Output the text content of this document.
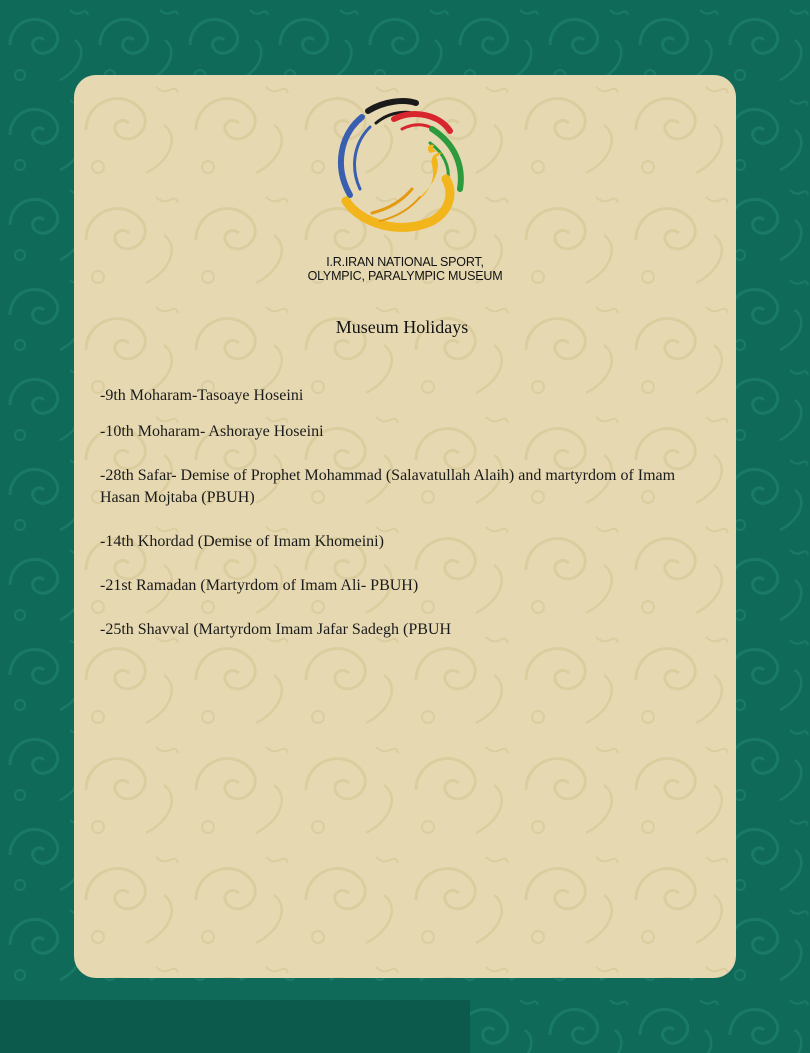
I.R.IRAN NATIONAL SPORT,
OLYMPIC, PARALYMPIC MUSEUM
Museum Holidays
-9th Moharam-Tasoaye Hoseini
-10th Moharam- Ashoraye Hoseini
-28th Safar- Demise of Prophet Mohammad (Salavatullah Alaih) and martyrdom of Imam Hasan Mojtaba (PBUH)
-14th Khordad (Demise of Imam Khomeini)
-21st Ramadan (Martyrdom of Imam Ali- PBUH)
-25th Shavval (Martyrdom Imam Jafar Sadegh (PBUH
